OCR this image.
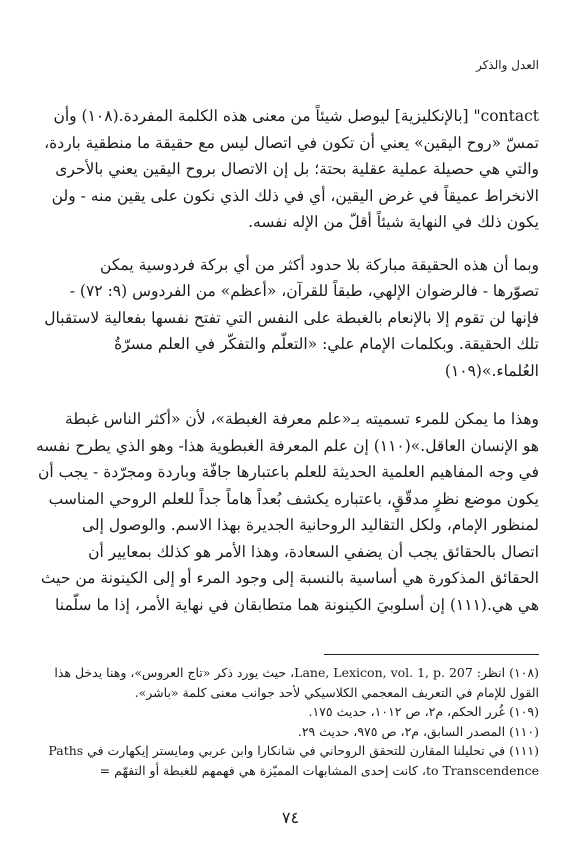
العدل والذكر
contact" [بالإنكليزية] ليوصل شيئاً من معنى هذه الكلمة المفردة.(١٠٨) وأن
تمسّ «روح اليقين» يعني أن تكون في اتصال ليس مع حقيقة ما منطقية باردة،
والتي هي حصيلة عملية عقلية بحتة؛ بل إن الاتصال بروح اليقين يعني بالأحرى
الانخراط عميقاً في غرض اليقين، أي في ذلك الذي نكون على يقين منه - ولن
يكون ذلك في النهاية شيئاً أقلّ من الإله نفسه.
وبما أن هذه الحقيقة مباركة بلا حدود أكثر من أي بركة فردوسية يمكن
تصوّرها - فالرضوان الإلهي، طبقاً للقرآن، «أعظم» من الفردوس (٩: ٧٢) -
فإنها لن تقوم إلا بالإنعام بالغبطة على النفس التي تفتح نفسها بفعالية لاستقبال
تلك الحقيقة. وبكلمات الإمام علي: «التعلّم والتفكّر في العلم مسرّةُ
العُلماء.»(١٠٩)
وهذا ما يمكن للمرء تسميته بـ«علم معرفة الغبطة»، لأن «أكثر الناس غبطة
هو الإنسان العاقل.»(١١٠) إن علم المعرفة الغبطوية هذا- وهو الذي يطرح نفسه
في وجه المفاهيم العلمية الحديثة للعلم باعتبارها جافّة وباردة ومجرّدة - يجب أن
يكون موضع نظرٍ مدقّقٍ، باعتباره يكشف بُعداً هاماً جداً للعلم الروحي المناسب
لمنظور الإمام، ولكل التقاليد الروحانية الجديرة بهذا الاسم. والوصول إلى
اتصال بالحقائق يجب أن يضفي السعادة، وهذا الأمر هو كذلك بمعايير أن
الحقائق المذكورة هي أساسية بالنسبة إلى وجود المرء أو إلى الكينونة من حيث
هي هي.(١١١) إن أسلوبيَ الكينونة هما متطابقان في نهاية الأمر، إذا ما سلّمنا
(١٠٨) انظر: Lane, Lexicon, vol. 1, p. 207، حيث يورد ذكر «تاج العروس»، وهنا يدخل هذا
القول للإمام في التعريف المعجمي الكلاسيكي لأحد جوانب معنى كلمة «باشر».
(١٠٩) غُرر الحكم، م٢، ص ١٠١٢، حديث ١٧٥.
(١١٠) المصدر السابق، م٢، ص ٩٧٥، حديث ٢٩.
(١١١) في تحليلنا المقارن للتحقق الروحاني في شانكارا وابن عربي ومايستر إيكهارت في Paths
to Transcendence، كانت إحدى المشابهات المميّزة هي فهمهم للغبطة أو التفهّم =
٧٤
